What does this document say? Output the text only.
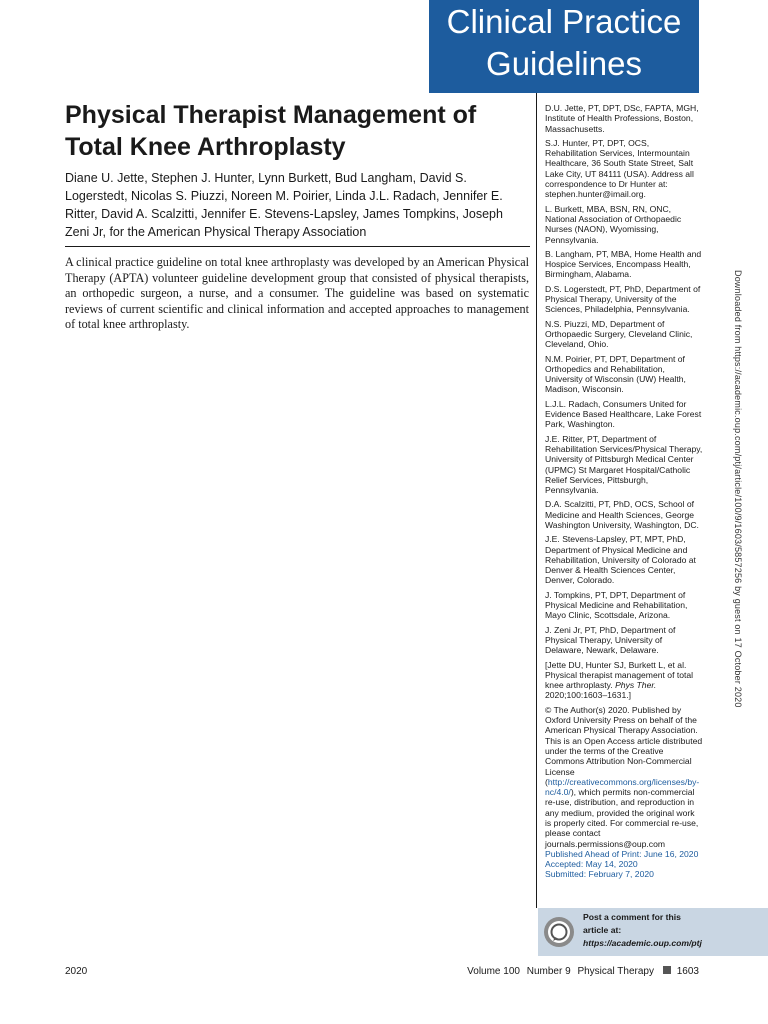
Clinical Practice
Guidelines
Physical Therapist Management of Total Knee Arthroplasty
Diane U. Jette, Stephen J. Hunter, Lynn Burkett, Bud Langham, David S. Logerstedt, Nicolas S. Piuzzi, Noreen M. Poirier, Linda J.L. Radach, Jennifer E. Ritter, David A. Scalzitti, Jennifer E. Stevens-Lapsley, James Tompkins, Joseph Zeni Jr, for the American Physical Therapy Association
A clinical practice guideline on total knee arthroplasty was developed by an American Physical Therapy (APTA) volunteer guideline development group that consisted of physical therapists, an orthopedic surgeon, a nurse, and a consumer. The guideline was based on systematic reviews of current scientific and clinical information and accepted approaches to management of total knee arthroplasty.

D.U. Jette, PT, DPT, DSc, FAPTA, MGH, Institute of Health Professions, Boston, Massachusetts.

S.J. Hunter, PT, DPT, OCS, Rehabilitation Services, Intermountain Healthcare, 36 South State Street, Salt Lake City, UT 84111 (USA). Address all correspondence to Dr Hunter at: stephen.hunter@imail.org.

L. Burkett, MBA, BSN, RN, ONC, National Association of Orthopaedic Nurses (NAON), Wyomissing, Pennsylvania.

B. Langham, PT, MBA, Home Health and Hospice Services, Encompass Health, Birmingham, Alabama.

D.S. Logerstedt, PT, PhD, Department of Physical Therapy, University of the Sciences, Philadelphia, Pennsylvania.

N.S. Piuzzi, MD, Department of Orthopaedic Surgery, Cleveland Clinic, Cleveland, Ohio.

N.M. Poirier, PT, DPT, Department of Orthopedics and Rehabilitation, University of Wisconsin (UW) Health, Madison, Wisconsin.

L.J.L. Radach, Consumers United for Evidence Based Healthcare, Lake Forest Park, Washington.

J.E. Ritter, PT, Department of Rehabilitation Services/Physical Therapy, University of Pittsburgh Medical Center (UPMC) St Margaret Hospital/Catholic Relief Services, Pittsburgh, Pennsylvania.

D.A. Scalzitti, PT, PhD, OCS, School of Medicine and Health Sciences, George Washington University, Washington, DC.

J.E. Stevens-Lapsley, PT, MPT, PhD, Department of Physical Medicine and Rehabilitation, University of Colorado at Denver & Health Sciences Center, Denver, Colorado.

J. Tompkins, PT, DPT, Department of Physical Medicine and Rehabilitation, Mayo Clinic, Scottsdale, Arizona.

J. Zeni Jr, PT, PhD, Department of Physical Therapy, University of Delaware, Newark, Delaware.

[Jette DU, Hunter SJ, Burkett L, et al. Physical therapist management of total knee arthroplasty. Phys Ther. 2020;100:1603–1631.]

© The Author(s) 2020. Published by Oxford University Press on behalf of the American Physical Therapy Association.

This is an Open Access article distributed under the terms of the Creative Commons Attribution Non-Commercial License (http://creativecommons.org/licenses/by-nc/4.0/), which permits non-commercial re-use, distribution, and reproduction in any medium, provided the original work is properly cited. For commercial re-use, please contact journals.permissions@oup.com

Published Ahead of Print: June 16, 2020

Accepted: May 14, 2020

Submitted: February 7, 2020

Post a comment for this
article at:
https://academic.oup.com/ptj
Downloaded from https://academic.oup.com/ptj/article/100/9/1603/5857256 by guest on 17 October 2020
2020	Volume 100 Number 9 Physical Therapy 1603
